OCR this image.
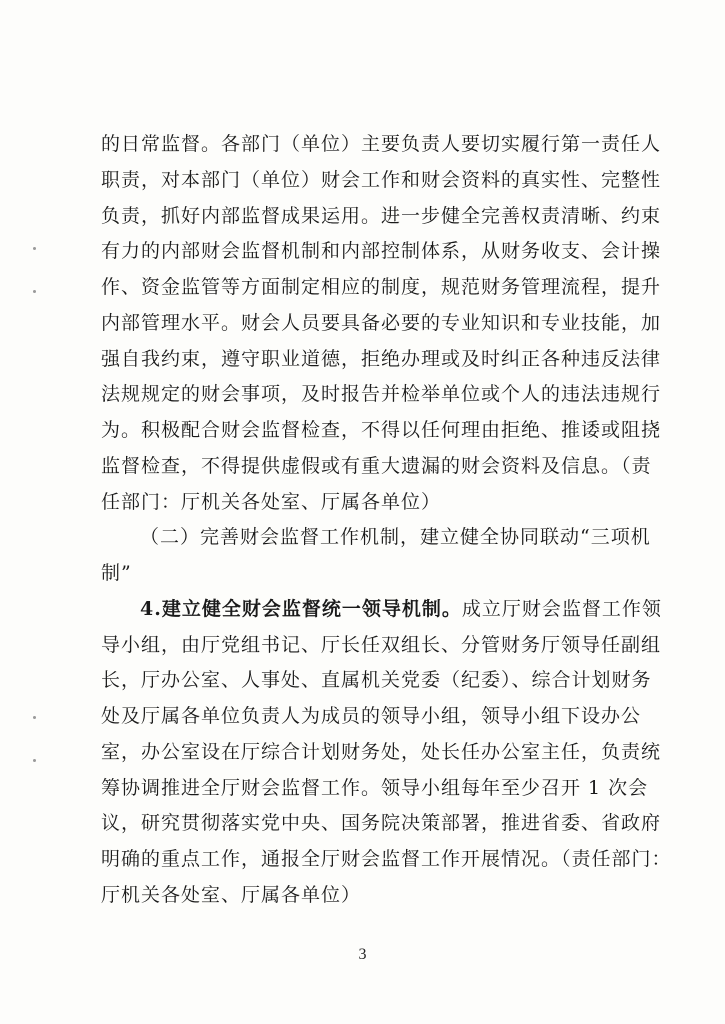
的日常监督。各部门（单位）主要负责人要切实履行第一责任人
职责，对本部门（单位）财会工作和财会资料的真实性、完整性
负责，抓好内部监督成果运用。进一步健全完善权责清晰、约束
有力的内部财会监督机制和内部控制体系，从财务收支、会计操
作、资金监管等方面制定相应的制度，规范财务管理流程，提升
内部管理水平。财会人员要具备必要的专业知识和专业技能，加
强自我约束，遵守职业道德，拒绝办理或及时纠正各种违反法律
法规规定的财会事项，及时报告并检举单位或个人的违法违规行
为。积极配合财会监督检查，不得以任何理由拒绝、推诿或阻挠
监督检查，不得提供虚假或有重大遗漏的财会资料及信息。（责
任部门：厅机关各处室、厅属各单位）
（二）完善财会监督工作机制，建立健全协同联动“三项机
制”
4.建立健全财会监督统一领导机制。成立厅财会监督工作领
导小组，由厅党组书记、厅长任双组长、分管财务厅领导任副组
长，厅办公室、人事处、直属机关党委（纪委）、综合计划财务
处及厅属各单位负责人为成员的领导小组，领导小组下设办公
室，办公室设在厅综合计划财务处，处长任办公室主任，负责统
筹协调推进全厅财会监督工作。领导小组每年至少召开 1 次会
议，研究贯彻落实党中央、国务院决策部署，推进省委、省政府
明确的重点工作，通报全厅财会监督工作开展情况。（责任部门：
厅机关各处室、厅属各单位）
3
